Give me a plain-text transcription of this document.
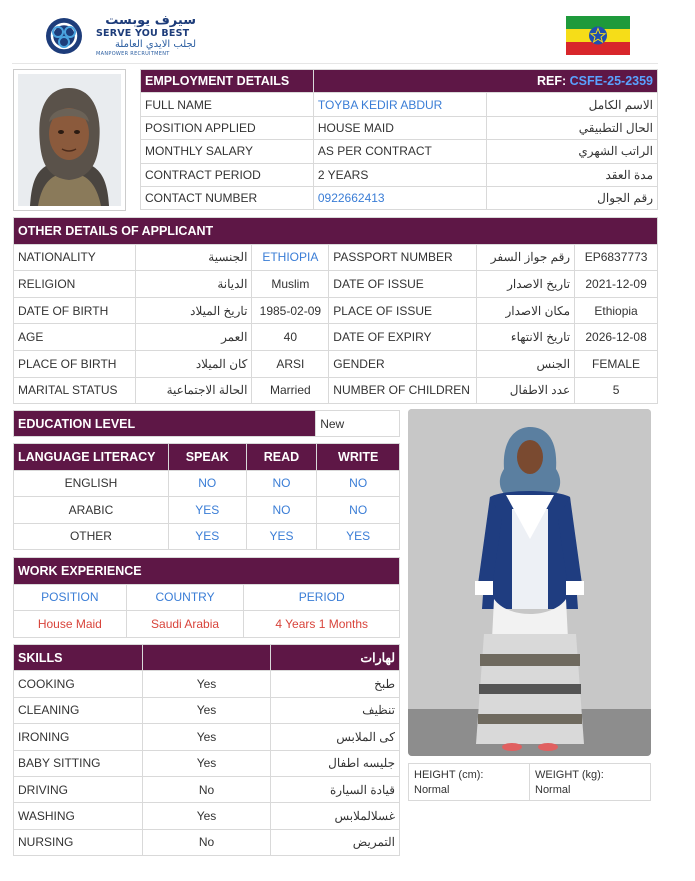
سيرف يوبست
SERVE YOU BEST
لجلب الايدي العاملة
MANPOWER RECRUITMENT
EMPLOYMENT DETAILS	REF: CSFE-25-2359	
FULL NAME	TOYBA KEDIR ABDUR	الاسم الكامل
POSITION APPLIED	HOUSE MAID	الحال التطبيقي
MONTHLY SALARY	AS PER CONTRACT	الراتب الشهري
CONTRACT PERIOD	2 YEARS	مدة العقد
CONTACT NUMBER	0922662413	رقم الجوال
OTHER DETAILS OF APPLICANT					
NATIONALITY	الجنسية	ETHIOPIA	PASSPORT NUMBER	رقم جواز السفر	EP6837773
RELIGION	الديانة	Muslim	DATE OF ISSUE	تاريخ الاصدار	2021-12-09
DATE OF BIRTH	تاريخ الميلاد	1985-02-09	PLACE OF ISSUE	مكان الاصدار	Ethiopia
AGE	العمر	40	DATE OF EXPIRY	تاريخ الانتهاء	2026-12-08
PLACE OF BIRTH	كان الميلاد	ARSI	GENDER	الجنس	FEMALE
MARITAL STATUS	الحالة الاجتماعية	Married	NUMBER OF CHILDREN	عدد الاطفال	5
EDUCATION LEVEL	New
LANGUAGE LITERACY	SPEAK	READ	WRITE
ENGLISH	NO	NO	NO
ARABIC	YES	NO	NO
OTHER	YES	YES	YES
WORK EXPERIENCE		
POSITION	COUNTRY	PERIOD
House Maid	Saudi Arabia	4 Years 1 Months
SKILLS		لهارات
COOKING	Yes	طبخ
CLEANING	Yes	تنظيف
IRONING	Yes	كى الملابس
BABY SITTING	Yes	جليسه اطفال
DRIVING	No	قيادة السيارة
WASHING	Yes	غسلالملابس
NURSING	No	التمريض
HEIGHT (cm):
Normal
WEIGHT (kg):
Normal
